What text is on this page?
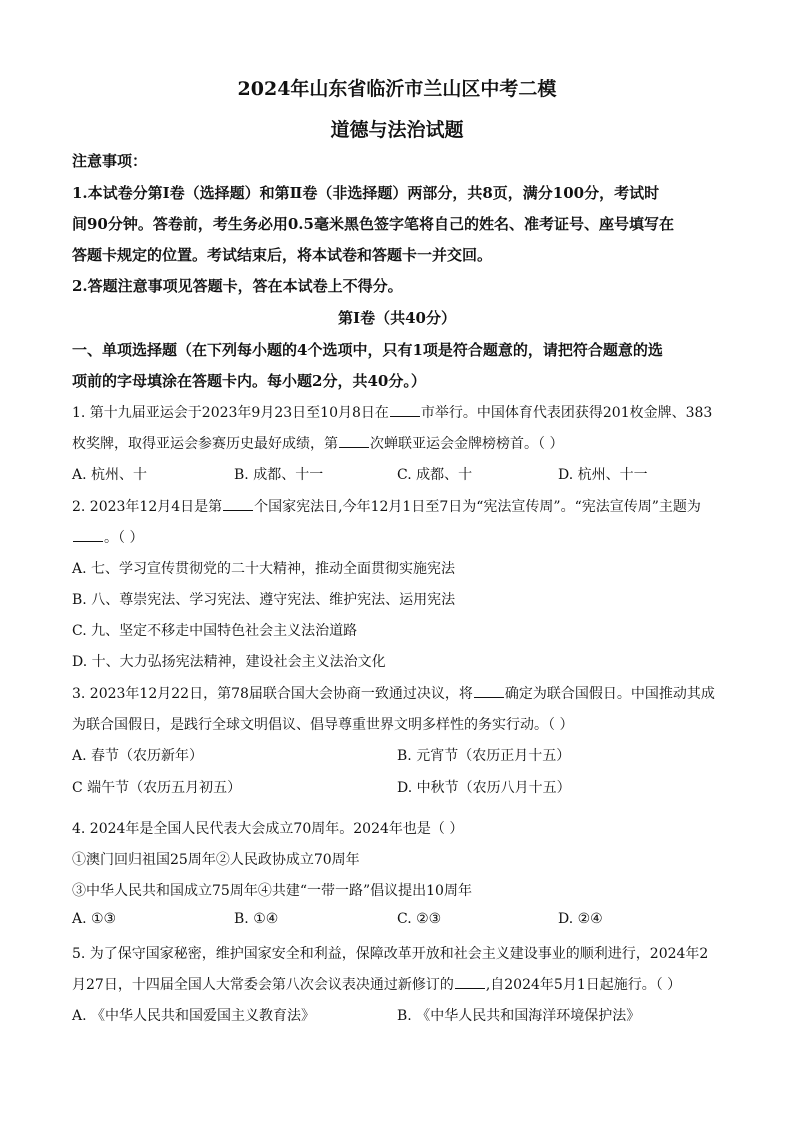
2024年山东省临沂市兰山区中考二模
道德与法治试题
注意事项：
1.本试卷分第Ⅰ卷（选择题）和第Ⅱ卷（非选择题）两部分，共8页，满分100分，考试时
间90分钟。答卷前，考生务必用0.5毫米黑色签字笔将自己的姓名、准考证号、座号填写在
答题卡规定的位置。考试结束后，将本试卷和答题卡一并交回。
2.答题注意事项见答题卡，答在本试卷上不得分。
第Ⅰ卷（共40分）
一、单项选择题（在下列每小题的4个选项中，只有1项是符合题意的，请把符合题意的选
项前的字母填涂在答题卡内。每小题2分，共40分。）
1. 第十九届亚运会于2023年9月23日至10月8日在 市举行。中国体育代表团获得201枚金牌、383
枚奖牌，取得亚运会参赛历史最好成绩，第 次蝉联亚运会金牌榜榜首。（ ）
A. 杭州、十	B. 成都、十一	C. 成都、十	D. 杭州、十一
2. 2023年12月4日是第 个国家宪法日,今年12月1日至7日为“宪法宣传周”。“宪法宣传周”主题为
。（ ）
A. 七、学习宣传贯彻党的二十大精神，推动全面贯彻实施宪法
B. 八、尊崇宪法、学习宪法、遵守宪法、维护宪法、运用宪法
C. 九、坚定不移走中国特色社会主义法治道路
D. 十、大力弘扬宪法精神，建设社会主义法治文化
3. 2023年12月22日，第78届联合国大会协商一致通过决议，将 确定为联合国假日。中国推动其成
为联合国假日，是践行全球文明倡议、倡导尊重世界文明多样性的务实行动。（ ）
A. 春节（农历新年）	B. 元宵节（农历正月十五）
C 端午节（农历五月初五）	D. 中秋节（农历八月十五）
4. 2024年是全国人民代表大会成立70周年。2024年也是（ ）
①澳门回归祖国25周年②人民政协成立70周年
③中华人民共和国成立75周年④共建“一带一路”倡议提出10周年
A. ①③	B. ①④	C. ②③	D. ②④
5. 为了保守国家秘密，维护国家安全和利益，保障改革开放和社会主义建设事业的顺利进行，2024年2
月27日，十四届全国人大常委会第八次会议表决通过新修订的 ,自2024年5月1日起施行。（ ）
A. 《中华人民共和国爱国主义教育法》	B. 《中华人民共和国海洋环境保护法》
